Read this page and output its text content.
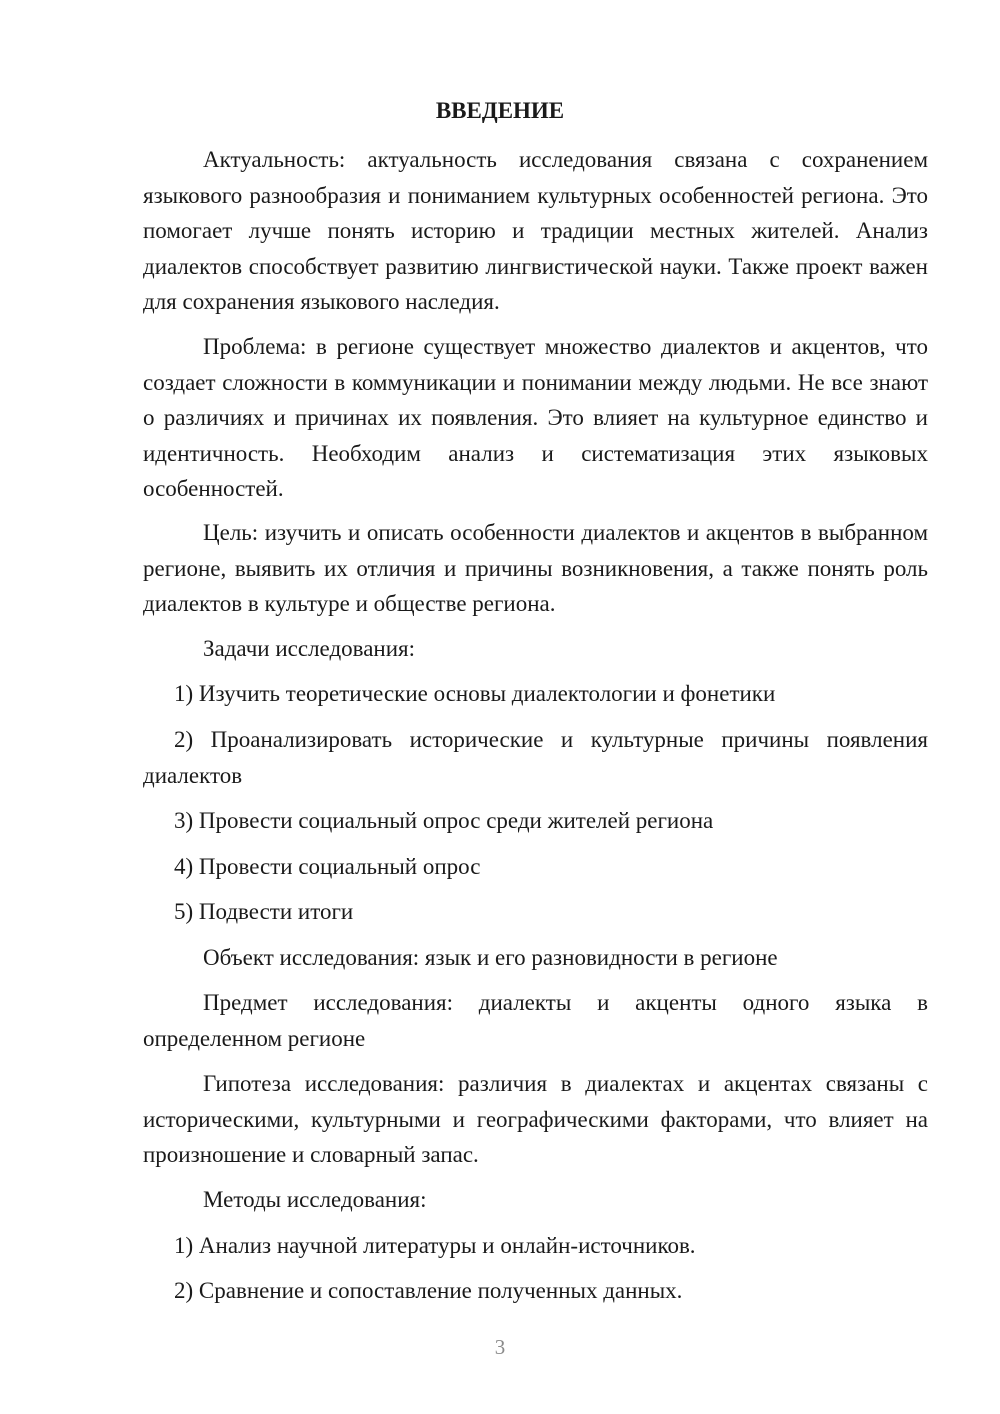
ВВЕДЕНИЕ

Актуальность: актуальность исследования связана с сохранением языкового разнообразия и пониманием культурных особенностей региона. Это помогает лучше понять историю и традиции местных жителей. Анализ диалектов способствует развитию лингвистической науки. Также проект важен для сохранения языкового наследия.

Проблема: в регионе существует множество диалектов и акцентов, что создает сложности в коммуникации и понимании между людьми. Не все знают о различиях и причинах их появления. Это влияет на культурное единство и идентичность. Необходим анализ и систематизация этих языковых особенностей.

Цель: изучить и описать особенности диалектов и акцентов в выбранном регионе, выявить их отличия и причины возникновения, а также понять роль диалектов в культуре и обществе региона.

Задачи исследования:

1) Изучить теоретические основы диалектологии и фонетики

2) Проанализировать исторические и культурные причины появления диалектов

3) Провести социальный опрос среди жителей региона

4) Провести социальный опрос

5) Подвести итоги

Объект исследования: язык и его разновидности в регионе

Предмет исследования: диалекты и акценты одного языка в определенном регионе

Гипотеза исследования: различия в диалектах и акцентах связаны с историческими, культурными и географическими факторами, что влияет на произношение и словарный запас.

Методы исследования:

1) Анализ научной литературы и онлайн-источников.

2) Сравнение и сопоставление полученных данных.

3
